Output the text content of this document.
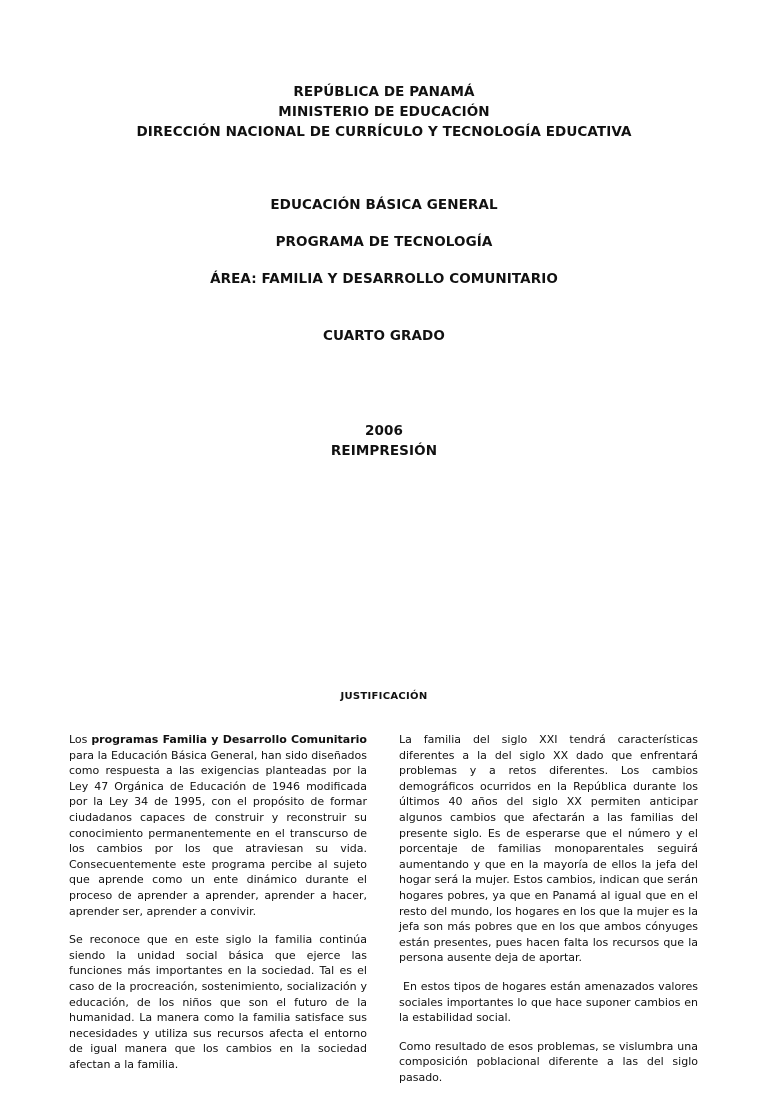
REPÚBLICA DE PANAMÁ
MINISTERIO DE EDUCACIÓN
DIRECCIÓN NACIONAL DE CURRÍCULO Y TECNOLOGÍA EDUCATIVA
EDUCACIÓN BÁSICA GENERAL
PROGRAMA DE TECNOLOGÍA
ÁREA: FAMILIA Y DESARROLLO COMUNITARIO
CUARTO GRADO
2006
REIMPRESIÓN
JUSTIFICACIÓN

Los programas Familia y Desarrollo Comunitario para la Educación Básica General, han sido diseñados como respuesta a las exigencias planteadas por la Ley 47 Orgánica de Educación de 1946 modificada por la Ley 34 de 1995, con el propósito de formar ciudadanos capaces de construir y reconstruir su conocimiento permanentemente en el transcurso de los cambios por los que atraviesan su vida. Consecuentemente este programa percibe al sujeto que aprende como un ente dinámico durante el proceso de aprender a aprender, aprender a hacer, aprender ser, aprender a convivir.

Se reconoce que en este siglo la familia continúa siendo la unidad social básica que ejerce las funciones más importantes en la sociedad. Tal es el caso de la procreación, sostenimiento, socialización y educación, de los niños que son el futuro de la humanidad. La manera como la familia satisface sus necesidades y utiliza sus recursos afecta el entorno de igual manera que los cambios en la sociedad afectan a la familia.

La familia del siglo XXI tendrá características diferentes a la del siglo XX dado que enfrentará problemas y a retos diferentes. Los cambios demográficos ocurridos en la República durante los últimos 40 años del siglo XX permiten anticipar algunos cambios que afectarán a las familias del presente siglo. Es de esperarse que el número y el porcentaje de familias monoparentales seguirá aumentando y que en la mayoría de ellos la jefa del hogar será la mujer. Estos cambios, indican que serán hogares pobres, ya que en Panamá al igual que en el resto del mundo, los hogares en los que la mujer es la jefa son más pobres que en los que ambos cónyuges están presentes, pues hacen falta los recursos que la persona ausente deja de aportar.

En estos tipos de hogares están amenazados valores sociales importantes lo que hace suponer cambios en la estabilidad social.

Como resultado de esos problemas, se vislumbra una composición poblacional diferente a las del siglo pasado.
